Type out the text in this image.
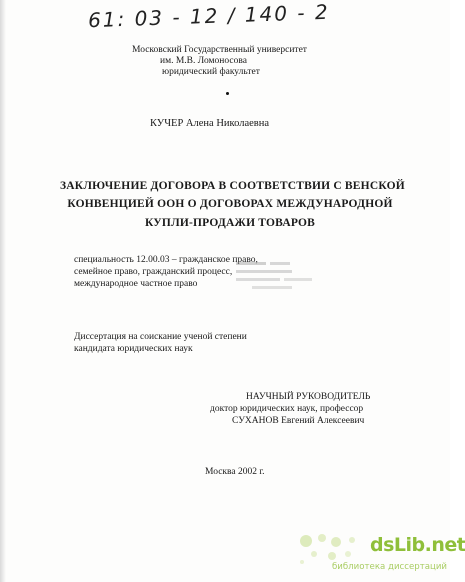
61: 03 - 12 / 140 - 2
Московский Государственный университет
им. М.В. Ломоносова
юридический факультет
КУЧЕР Алена Николаевна
ЗАКЛЮЧЕНИЕ ДОГОВОРА В СООТВЕТСТВИИ С ВЕНСКОЙ
КОНВЕНЦИЕЙ ООН О ДОГОВОРАХ МЕЖДУНАРОДНОЙ
КУПЛИ-ПРОДАЖИ ТОВАРОВ
специальность 12.00.03 – гражданское право,
семейное право, гражданский процесс,
международное частное право
Диссертация на соискание ученой степени
кандидата юридических наук
НАУЧНЫЙ РУКОВОДИТЕЛЬ
доктор юридических наук, профессор
СУХАНОВ Евгений Алексеевич
Москва 2002 г.
dsLib.net
библиотека диссертаций
